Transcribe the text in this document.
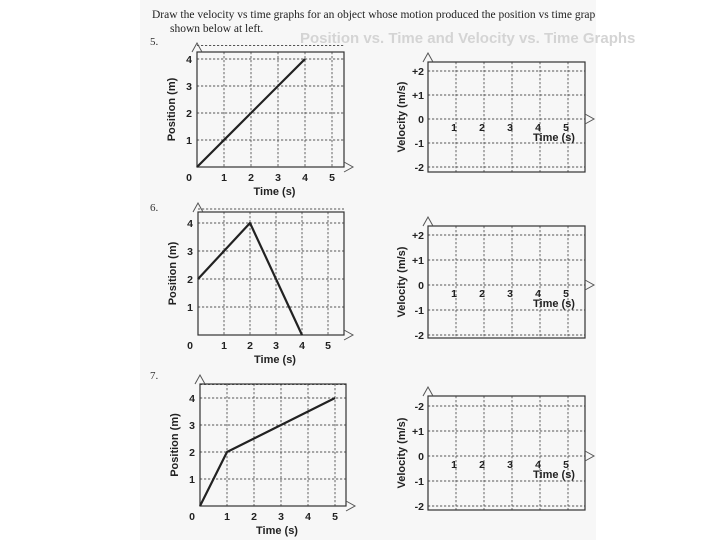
Draw the velocity vs time graphs for an object whose motion produced the position vs time grap
shown below at left.
Position vs. Time and Velocity vs. Time Graphs
5.
0	1 2 3 4 5
1
2
3
4
Time (s)
Position (m)
+2
+1
0
-1
-2
1 2 3 4 5
Time (s)
Velocity (m/s)
6.
0	1 2 3 4 5
1
2
3
4
Time (s)
Position (m)
+2
+1
0
-1
-2
1 2 3 4 5
Time (s)
Velocity (m/s)
7.
0	1 2 3 4 5
1
2
3
4
Time (s)
Position (m)
-2
+1
0
-1
-2
1 2 3 4 5
Time (s)
Velocity (m/s)
